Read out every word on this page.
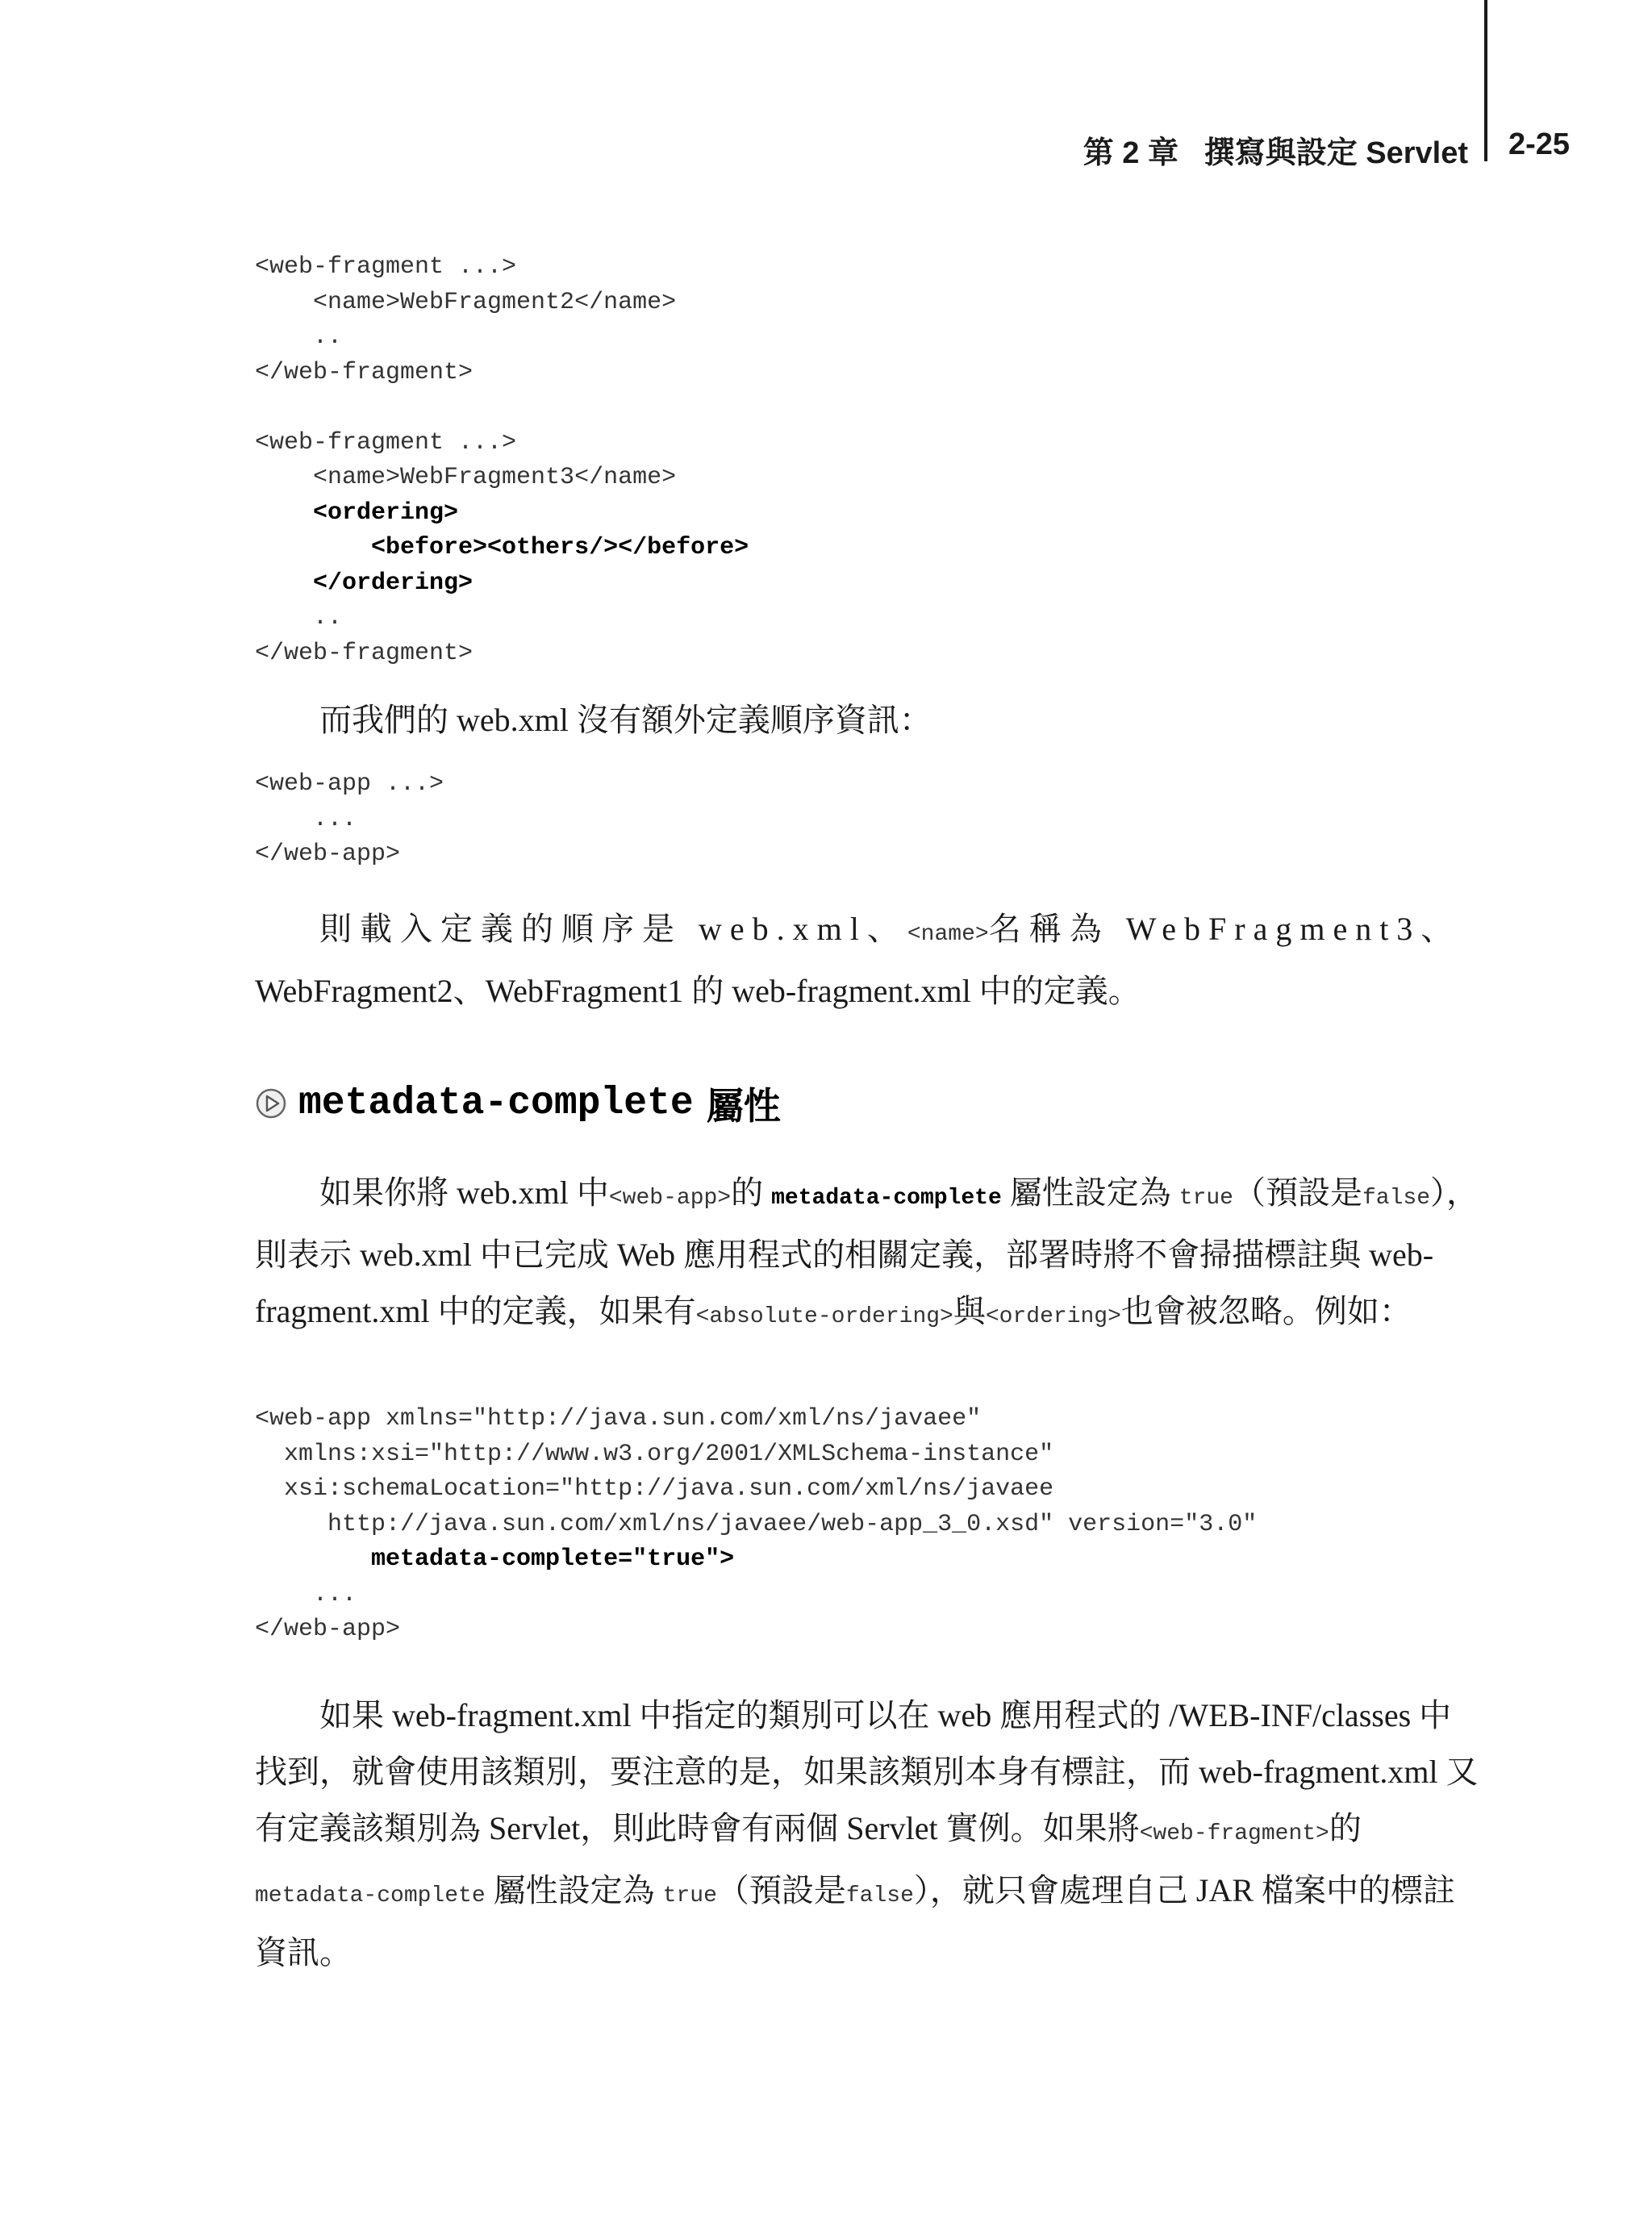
第 2 章 撰寫與設定 Servlet 2-25
<web-fragment ...>
<name>WebFragment2</name>
..
</web-fragment>

<web-fragment ...>
<name>WebFragment3</name>
<ordering>
<before><others/></before>
</ordering>
..
</web-fragment>

而我們的 web.xml 沒有額外定義順序資訊：

<web-app ...>
...
</web-app>

則載入定義的順序是 web.xml、<name>名稱為 WebFragment3、
WebFragment2、WebFragment1 的 web-fragment.xml 中的定義。

metadata-complete 屬性

如果你將 web.xml 中<web-app>的 metadata-complete 屬性設定為 true（預設是false），則表示 web.xml 中已完成 Web 應用程式的相關定義，部署時將不會掃描標註與 web-fragment.xml 中的定義，如果有<absolute-ordering>與<ordering>也會被忽略。例如：

<web-app xmlns="http://java.sun.com/xml/ns/javaee"
xmlns:xsi="http://www.w3.org/2001/XMLSchema-instance"
xsi:schemaLocation="http://java.sun.com/xml/ns/javaee
http://java.sun.com/xml/ns/javaee/web-app_3_0.xsd" version="3.0"
metadata-complete="true">
...
</web-app>

如果 web-fragment.xml 中指定的類別可以在 web 應用程式的 /WEB-INF/classes 中找到，就會使用該類別，要注意的是，如果該類別本身有標註，而 web-fragment.xml 又有定義該類別為 Servlet，則此時會有兩個 Servlet 實例。如果將<web-fragment>的 metadata-complete 屬性設定為 true（預設是false），就只會處理自己 JAR 檔案中的標註資訊。
